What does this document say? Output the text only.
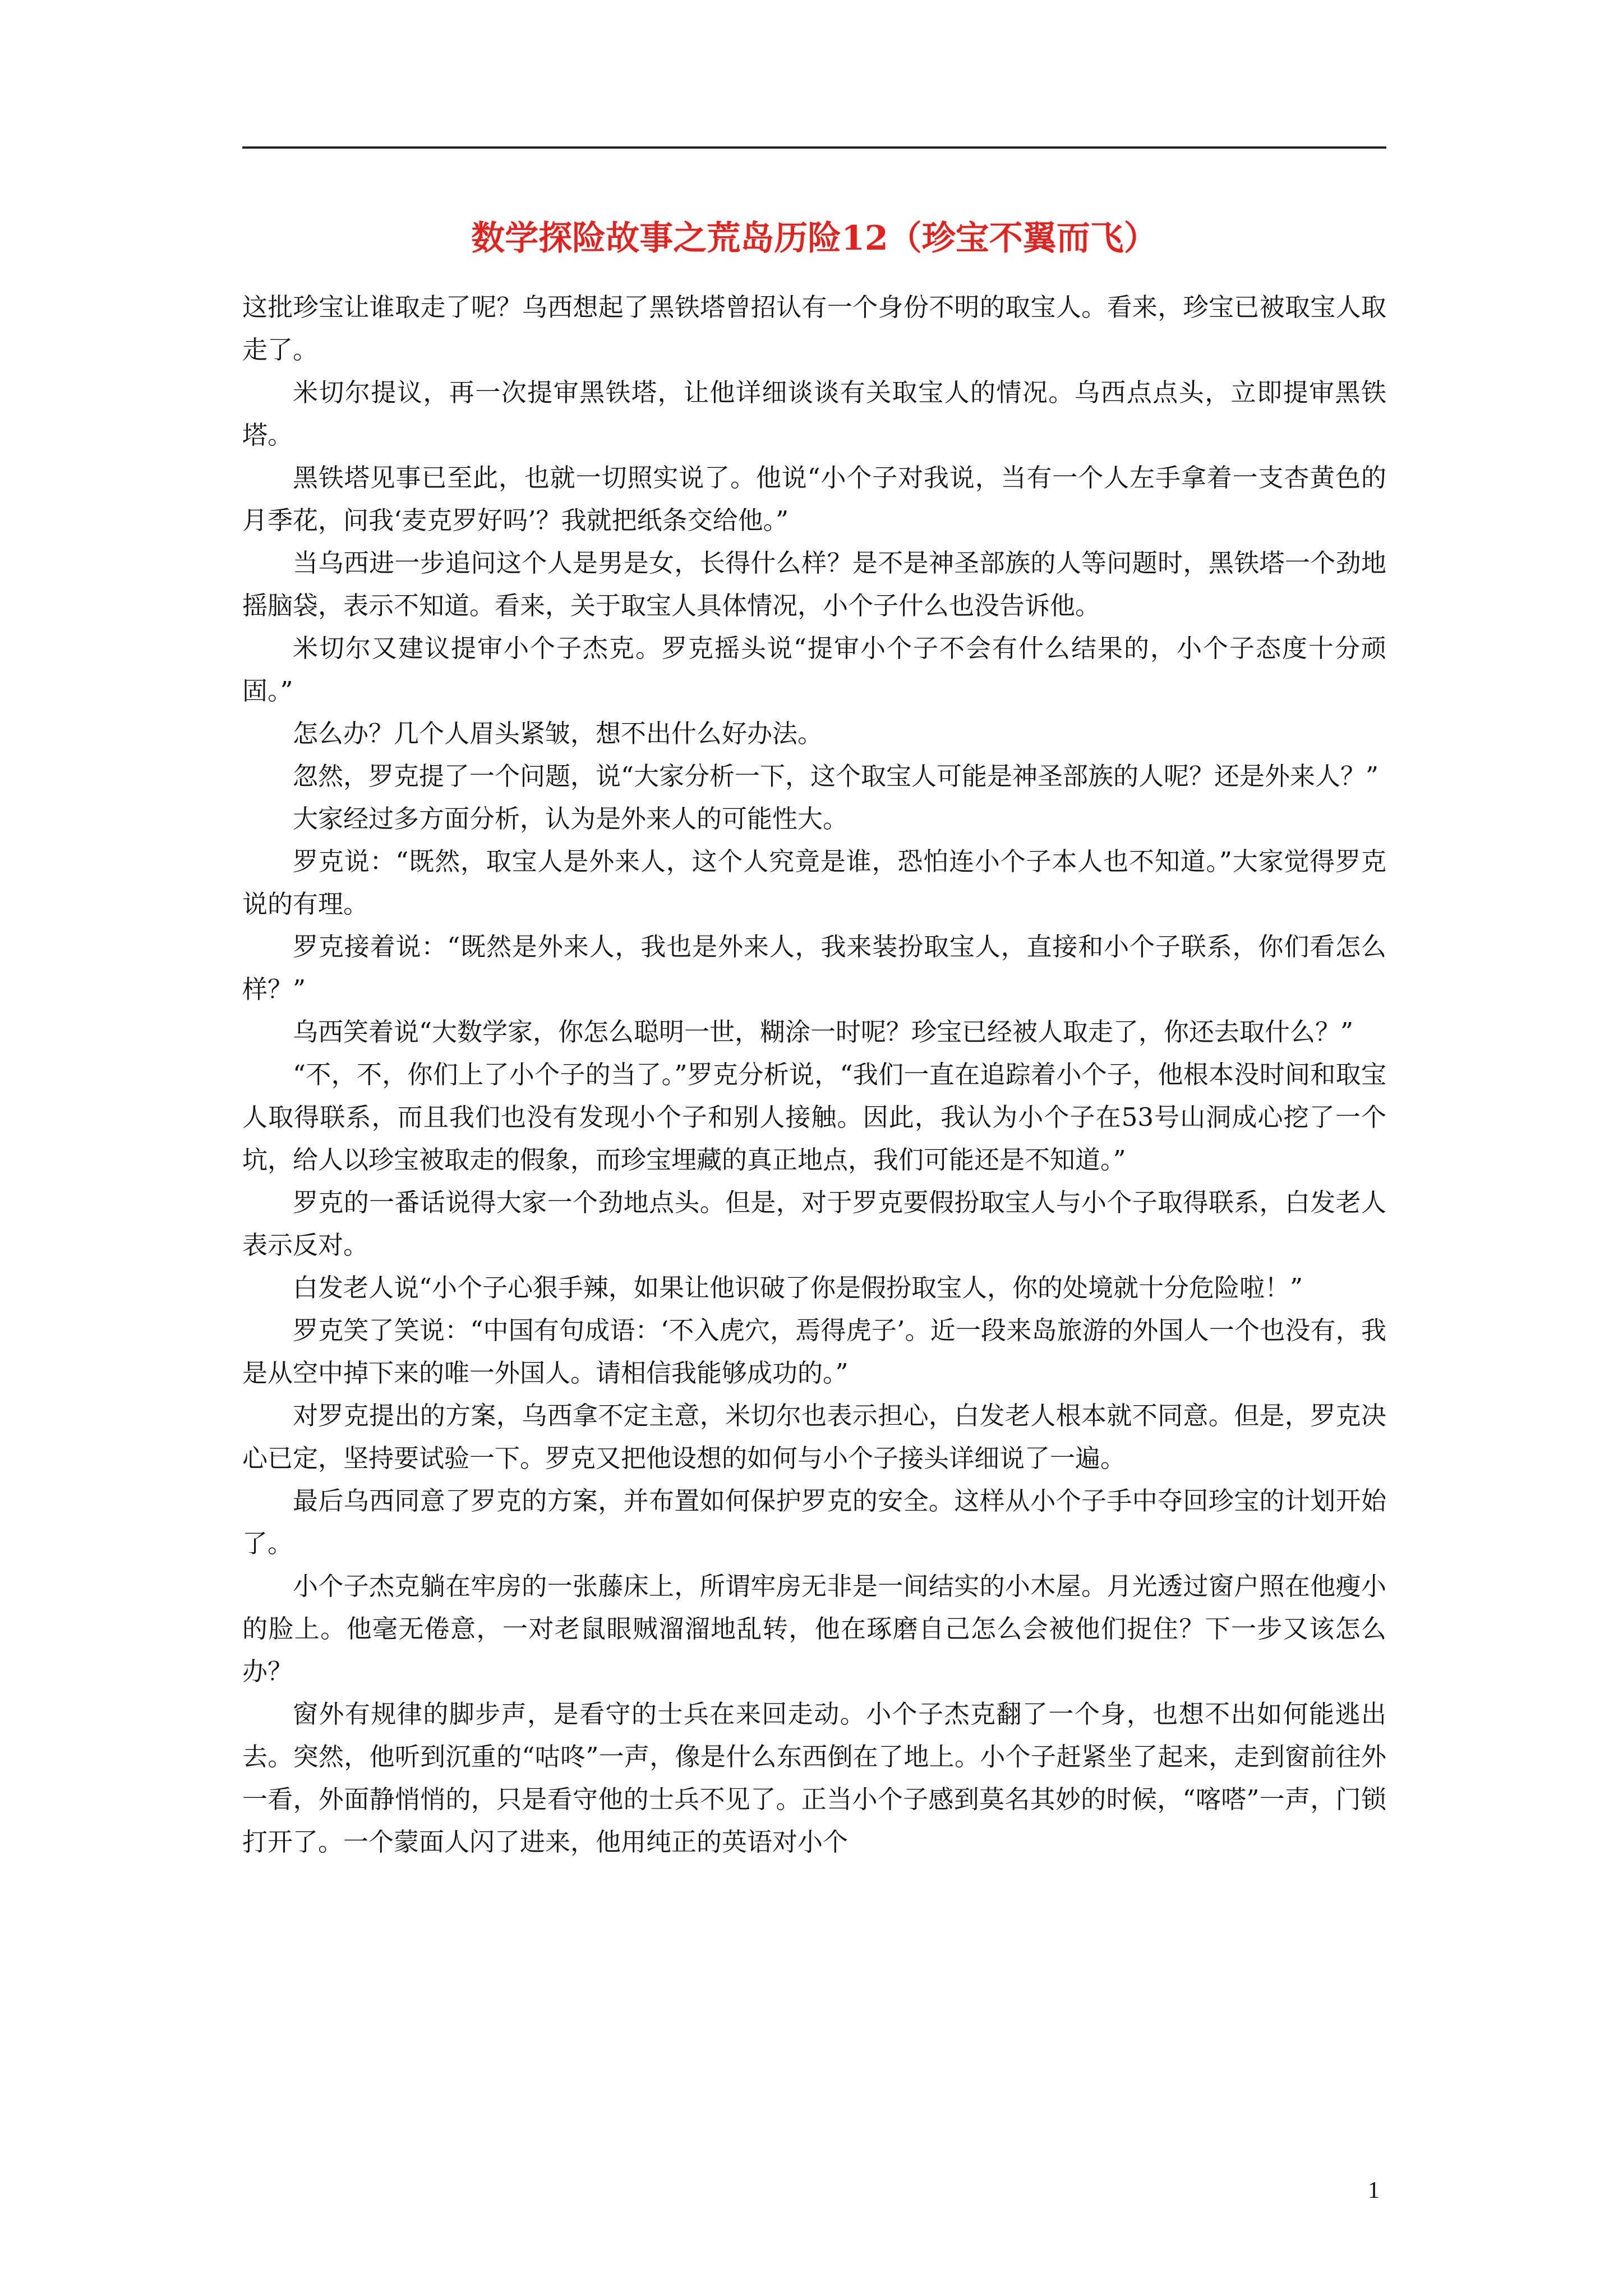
数学探险故事之荒岛历险12（珍宝不翼而飞）

这批珍宝让谁取走了呢？乌西想起了黑铁塔曾招认有一个身份不明的取宝人。看来，珍宝已被取宝人取走了。

米切尔提议，再一次提审黑铁塔，让他详细谈谈有关取宝人的情况。乌西点点头，立即提审黑铁塔。

黑铁塔见事已至此，也就一切照实说了。他说“小个子对我说，当有一个人左手拿着一支杏黄色的月季花，问我‘麦克罗好吗’？我就把纸条交给他。”

当乌西进一步追问这个人是男是女，长得什么样？是不是神圣部族的人等问题时，黑铁塔一个劲地摇脑袋，表示不知道。看来，关于取宝人具体情况，小个子什么也没告诉他。

米切尔又建议提审小个子杰克。罗克摇头说“提审小个子不会有什么结果的，小个子态度十分顽固。”

怎么办？几个人眉头紧皱，想不出什么好办法。

忽然，罗克提了一个问题，说“大家分析一下，这个取宝人可能是神圣部族的人呢？还是外来人？”

大家经过多方面分析，认为是外来人的可能性大。

罗克说：“既然，取宝人是外来人，这个人究竟是谁，恐怕连小个子本人也不知道。”大家觉得罗克说的有理。

罗克接着说：“既然是外来人，我也是外来人，我来装扮取宝人，直接和小个子联系，你们看怎么样？”

乌西笑着说“大数学家，你怎么聪明一世，糊涂一时呢？珍宝已经被人取走了，你还去取什么？”

“不，不，你们上了小个子的当了。”罗克分析说，“我们一直在追踪着小个子，他根本没时间和取宝人取得联系，而且我们也没有发现小个子和别人接触。因此，我认为小个子在53号山洞成心挖了一个坑，给人以珍宝被取走的假象，而珍宝埋藏的真正地点，我们可能还是不知道。”

罗克的一番话说得大家一个劲地点头。但是，对于罗克要假扮取宝人与小个子取得联系，白发老人表示反对。

白发老人说“小个子心狠手辣，如果让他识破了你是假扮取宝人，你的处境就十分危险啦！”

罗克笑了笑说：“中国有句成语：‘不入虎穴，焉得虎子’。近一段来岛旅游的外国人一个也没有，我是从空中掉下来的唯一外国人。请相信我能够成功的。”

对罗克提出的方案，乌西拿不定主意，米切尔也表示担心，白发老人根本就不同意。但是，罗克决心已定，坚持要试验一下。罗克又把他设想的如何与小个子接头详细说了一遍。

最后乌西同意了罗克的方案，并布置如何保护罗克的安全。这样从小个子手中夺回珍宝的计划开始了。

小个子杰克躺在牢房的一张藤床上，所谓牢房无非是一间结实的小木屋。月光透过窗户照在他瘦小的脸上。他毫无倦意，一对老鼠眼贼溜溜地乱转，他在琢磨自己怎么会被他们捉住？下一步又该怎么办？

窗外有规律的脚步声，是看守的士兵在来回走动。小个子杰克翻了一个身，也想不出如何能逃出去。突然，他听到沉重的“咕咚”一声，像是什么东西倒在了地上。小个子赶紧坐了起来，走到窗前往外一看，外面静悄悄的，只是看守他的士兵不见了。正当小个子感到莫名其妙的时候，“喀嗒”一声，门锁打开了。一个蒙面人闪了进来，他用纯正的英语对小个

1
